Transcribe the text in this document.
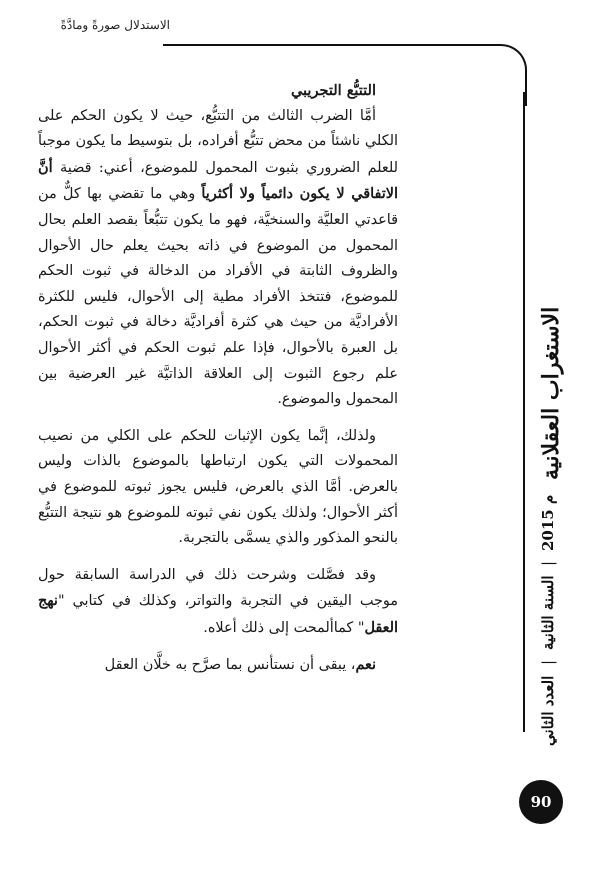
الاستدلال صورةً ومادَّةً

التتبُّع التجريبي

أمَّا الضرب الثالث من التتبُّع، حيث لا يكون الحكم على الكلي ناشئاً من محض تتبُّع أفراده، بل بتوسيط ما يكون موجباً للعلم الضروري بثبوت المحمول للموضوع، أعني: قضية أنَّ الاتفاقي لا يكون دائمياً ولا أكثرياً وهي ما تقضي بها كلٌّ من قاعدتي العليَّة والسنخيَّة، فهو ما يكون تتبُّعاً بقصد العلم بحال المحمول من الموضوع في ذاته بحيث يعلم حال الأحوال والظروف الثابتة في الأفراد من الدخالة في ثبوت الحكم للموضوع، فتتخذ الأفراد مطية إلى الأحوال، فليس للكثرة الأفراديَّة من حيث هي كثرة أفراديَّة دخالة في ثبوت الحكم، بل العبرة بالأحوال، فإذا علم ثبوت الحكم في أكثر الأحوال علم رجوع الثبوت إلى العلاقة الذاتيَّة غير العرضية بين المحمول والموضوع.

ولذلك، إنَّما يكون الإثبات للحكم على الكلي من نصيب المحمولات التي يكون ارتباطها بالموضوع بالذات وليس بالعرض. أمَّا الذي بالعرض، فليس يجوز ثبوته للموضوع في أكثر الأحوال؛ ولذلك يكون نفي ثبوته للموضوع هو نتيجة التتبُّع بالنحو المذكور والذي يسمَّى بالتجربة.

وقد فصَّلت وشرحت ذلك في الدراسة السابقة حول موجب اليقين في التجربة والتواتر، وكذلك في كتابي "نهج العقل" كماألمحت إلى ذلك أعلاه.

نعم، يبقى أن نستأنس بما صرَّح به خلَّان العقل

الاستغراب العقلانية
العدد الثاني
|
السنة الثانية
|
2015 م
90
